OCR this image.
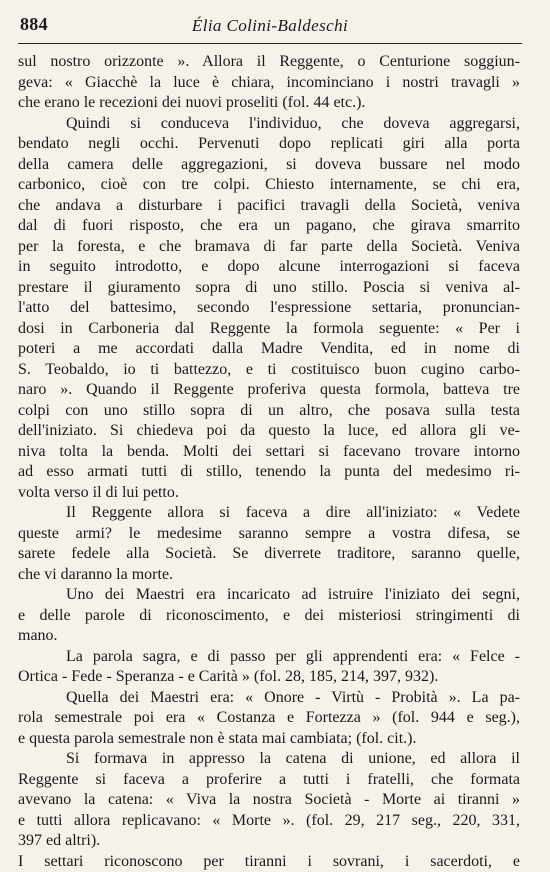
884	Élia Colini-Baldeschi
sul nostro orizzonte ». Allora il Reggente, o Centurione soggiun-
geva: « Giacchè la luce è chiara, incominciano i nostri travagli »
che erano le recezioni dei nuovi proseliti (fol. 44 etc.).
Quindi si conduceva l'individuo, che doveva aggregarsi,
bendato negli occhi. Pervenuti dopo replicati giri alla porta
della camera delle aggregazioni, si doveva bussare nel modo
carbonico, cioè con tre colpi. Chiesto internamente, se chi era,
che andava a disturbare i pacifici travagli della Società, veniva
dal di fuori risposto, che era un pagano, che girava smarrito
per la foresta, e che bramava di far parte della Società. Veniva
in seguito introdotto, e dopo alcune interrogazioni si faceva
prestare il giuramento sopra di uno stillo. Poscia si veniva al-
l'atto del battesimo, secondo l'espressione settaria, pronuncian-
dosi in Carboneria dal Reggente la formola seguente: « Per i
poteri a me accordati dalla Madre Vendita, ed in nome di
S. Teobaldo, io ti battezzo, e ti costituisco buon cugino carbo-
naro ». Quando il Reggente proferiva questa formola, batteva tre
colpi con uno stillo sopra di un altro, che posava sulla testa
dell'iniziato. Si chiedeva poi da questo la luce, ed allora gli ve-
niva tolta la benda. Molti dei settari si facevano trovare intorno
ad esso armati tutti di stillo, tenendo la punta del medesimo ri-
volta verso il di lui petto.
Il Reggente allora si faceva a dire all'iniziato: « Vedete
queste armi? le medesime saranno sempre a vostra difesa, se
sarete fedele alla Società. Se diverrete traditore, saranno quelle,
che vi daranno la morte.
Uno dei Maestri era incaricato ad istruire l'iniziato dei segni,
e delle parole di riconoscimento, e dei misteriosi stringimenti di
mano.
La parola sagra, e di passo per gli apprendenti era: « Felce -
Ortica - Fede - Speranza - e Carità » (fol. 28, 185, 214, 397, 932).
Quella dei Maestri era: « Onore - Virtù - Probità ». La pa-
rola semestrale poi era « Costanza e Fortezza » (fol. 944 e seg.),
e questa parola semestrale non è stata mai cambiata; (fol. cit.).
Si formava in appresso la catena di unione, ed allora il
Reggente si faceva a proferire a tutti i fratelli, che formata
avevano la catena: « Viva la nostra Società - Morte ai tiranni »
e tutti allora replicavano: « Morte ». (fol. 29, 217 seg., 220, 331,
397 ed altri).
I settari riconoscono per tiranni i sovrani, i sacerdoti, e
